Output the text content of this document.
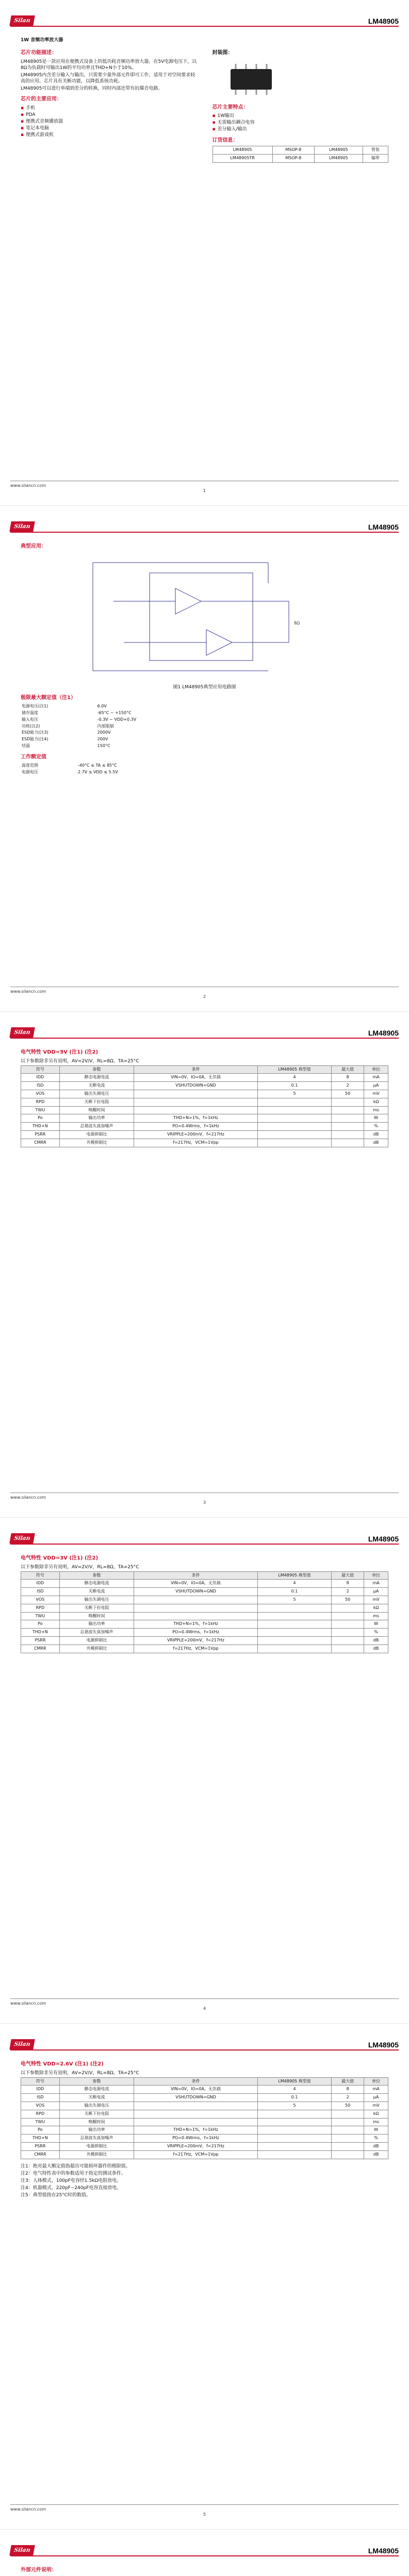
Silan	LM48905
1W 音频功率放大器
芯片功能描述：

LM48905是一款应用在便携式设备上的低功耗音频功率放大器，在5V电源电压下，以8Ω为负载时可输出1W的平均功率且THD+N小于10%。

LM48905内含差分输入与输出，只需要少量外部元件即可工作，适用于对空间要求较高的应用。芯片具有关断功能，以降低系统功耗。

LM48905可以进行单端到差分的转换，同时内部还带有抗爆音电路。

芯片的主要应用：
▪ 手机
▪ PDA
▪ 便携式音频播放器
▪ 笔记本电脑
▪ 便携式游戏机
封装图：
芯片主要特点：
▪ 1W输出
▪ 无需输出耦合电容
▪ 差分输入/输出
订货信息：
LM48905	MSOP-8	LM48905	管装
LM48905TR	MSOP-8	LM48905	编带
www.silancn.com
1
Silan	LM48905
典型应用：
8Ω

图1 LM48905典型应用电路图

极限最大额定值（注1）
电源电压(注1)	6.0V
储存温度	-65°C ~ +150°C
输入电压	-0.3V ~ VDD+0.3V
功耗(注2)	内部限制
ESD能力(注3)	2000V
ESD能力(注4)	200V
结温	150°C
工作额定值
温度范围	-40°C ≤ TA ≤ 85°C
电源电压	2.7V ≤ VDD ≤ 5.5V
www.silancn.com
2
Silan	LM48905
电气特性 VDD=5V (注1) (注2)

以下参数除非另有说明，AV=2V/V，RL=8Ω，TA=25°C

符号	参数	条件	LM48905 典型值	最大值	单位
IDD	静态电源电流	VIN=0V，IO=0A，无负载	4	8	mA
ISD	关断电流	VSHUTDOWN=GND	0.1	2	μA
VOS	输出失调电压		5	50	mV
RPD	关断下拉电阻				kΩ
TWU	唤醒时间				ms
Po	输出功率	THD+N=1%，f=1kHz			W
THD+N	总谐波失真加噪声	PO=0.4Wrms，f=1kHz			%
PSRR	电源抑制比	VRIPPLE=200mV，f=217Hz			dB
CMRR	共模抑制比	f=217Hz，VCM=1Vpp			dB
www.silancn.com
3
Silan	LM48905
电气特性 VDD=3V (注1) (注2)

以下参数除非另有说明，AV=2V/V，RL=8Ω，TA=25°C

符号	参数	条件	LM48905 典型值	最大值	单位
IDD	静态电源电流	VIN=0V，IO=0A，无负载	4	8	mA
ISD	关断电流	VSHUTDOWN=GND	0.1	2	μA
VOS	输出失调电压		5	50	mV
RPD	关断下拉电阻				kΩ
TWU	唤醒时间				ms
Po	输出功率	THD+N=1%，f=1kHz			W
THD+N	总谐波失真加噪声	PO=0.4Wrms，f=1kHz			%
PSRR	电源抑制比	VRIPPLE=200mV，f=217Hz			dB
CMRR	共模抑制比	f=217Hz，VCM=1Vpp			dB
www.silancn.com
4
Silan	LM48905
电气特性 VDD=2.6V (注1) (注2)

以下参数除非另有说明，AV=2V/V，RL=8Ω，TA=25°C

符号	参数	条件	LM48905 典型值	最大值	单位
IDD	静态电源电流	VIN=0V，IO=0A，无负载	4	8	mA
ISD	关断电流	VSHUTDOWN=GND	0.1	2	μA
VOS	输出失调电压		5	50	mV
RPD	关断下拉电阻				kΩ
TWU	唤醒时间				ms
Po	输出功率	THD+N=1%，f=1kHz			W
THD+N	总谐波失真加噪声	PO=0.4Wrms，f=1kHz			%
PSRR	电源抑制比	VRIPPLE=200mV，f=217Hz			dB
CMRR	共模抑制比	f=217Hz，VCM=1Vpp			dB

注1：绝对最大额定值指超出可能损坏器件的极限值。

注2：电气特性表中的参数适用于指定的测试条件。

注3：人体模式，100pF电容经1.5kΩ电阻放电。

注4：机器模式，220pF~240pF电容直接放电。

注5：典型值指在25°C时的数值。

www.silancn.com
5
Silan	LM48905
外部元件说明：
